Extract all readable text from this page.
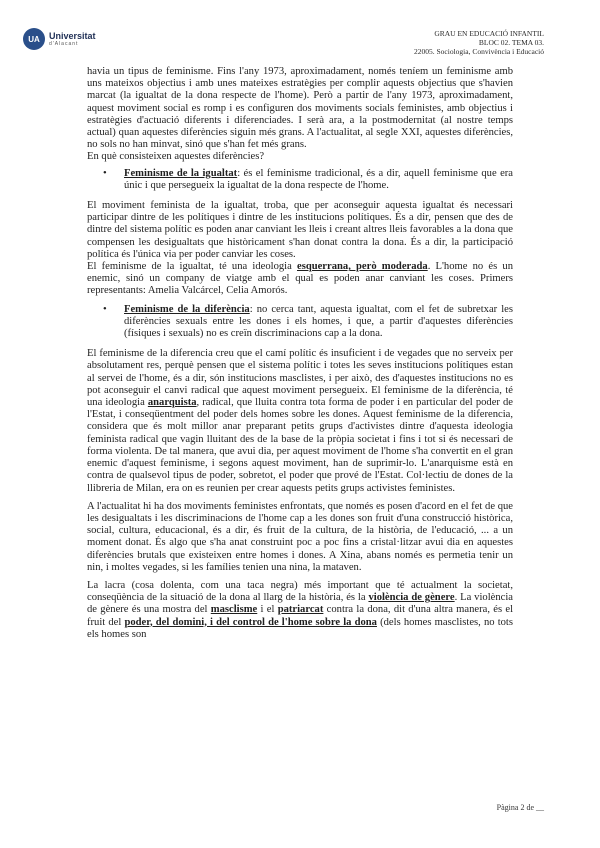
UA	Universitat
d'Alacant
GRAU EN EDUCACIÓ INFANTIL
BLOC 02. TEMA 03.
22005. Sociologia, Convivència i Educació

havia un tipus de feminisme. Fins l'any 1973, aproximadament, només teníem un feminisme amb uns mateixos objectius i amb unes mateixes estratègies per complir aquests objectius que s'havien marcat (la igualtat de la dona respecte de l'home). Però a partir de l'any 1973, aproximadament, aquest moviment social es romp i es configuren dos moviments socials feministes, amb objectius i estratègies d'actuació diferents i diferenciades. I serà ara, a la postmodernitat (al nostre temps actual) quan aquestes diferències siguin més grans. A l'actualitat, al segle XXI, aquestes diferències, no sols no han minvat, sinó que s'han fet més grans.

En què consisteixen aquestes diferències?

• Feminisme de la igualtat: és el feminisme tradicional, és a dir, aquell feminisme que era únic i que persegueix la igualtat de la dona respecte de l'home.

El moviment feminista de la igualtat, troba, que per aconseguir aquesta igualtat és necessari participar dintre de les polítiques i dintre de les institucions polítiques. És a dir, pensen que des de dintre del sistema polític es poden anar canviant les lleis i creant altres lleis favorables a la dona que compensen les desigualtats que històricament s'han donat contra la dona. És a dir, la participació política és l'única via per poder canviar les coses.

El feminisme de la igualtat, té una ideologia esquerrana, però moderada. L'home no és un enemic, sinó un company de viatge amb el qual es poden anar canviant les coses. Primers representants: Amelia Valcárcel, Celia Amorós.

• Feminisme de la diferència: no cerca tant, aquesta igualtat, com el fet de subretxar les diferències sexuals entre les dones i els homes, i que, a partir d'aquestes diferències (físiques i sexuals) no es creïn discriminacions cap a la dona.

El feminisme de la diferencia creu que el camí polític és insuficient i de vegades que no serveix per absolutament res, perquè pensen que el sistema polític i totes les seves institucions polítiques estan al servei de l'home, és a dir, són institucions masclistes, i per això, des d'aquestes institucions no es pot aconseguir el canvi radical que aquest moviment persegueix. El feminisme de la diferència, té una ideologia anarquista, radical, que lluita contra tota forma de poder i en particular del poder de l'Estat, i conseqüentment del poder dels homes sobre les dones. Aquest feminisme de la diferencia, considera que és molt millor anar preparant petits grups d'activistes dintre d'aquesta ideologia feminista radical que vagin lluitant des de la base de la pròpia societat i fins i tot si és necessari de forma violenta. De tal manera, que avui dia, per aquest moviment de l'home s'ha convertit en el gran enemic d'aquest feminisme, i segons aquest moviment, han de suprimir-lo. L'anarquisme està en contra de qualsevol tipus de poder, sobretot, el poder que prové de l'Estat. Col·lectiu de dones de la llibreria de Milan, era on es reunien per crear aquests petits grups activistes feministes.

A l'actualitat hi ha dos moviments feministes enfrontats, que només es posen d'acord en el fet de que les desigualtats i les discriminacions de l'home cap a les dones son fruit d'una construcció històrica, social, cultura, educacional, és a dir, és fruit de la cultura, de la història, de l'educació, ... a un moment donat. És algo que s'ha anat construint poc a poc fins a cristal·litzar avui dia en aquestes diferències brutals que existeixen entre homes i dones. A Xina, abans només es permetia tenir un nin, i moltes vegades, si les famílies tenien una nina, la mataven.

La lacra (cosa dolenta, com una taca negra) més important que té actualment la societat, conseqüència de la situació de la dona al llarg de la història, és la violència de gènere. La violència de gènere és una mostra del masclisme i el patriarcat contra la dona, dit d'una altra manera, és el fruit del poder, del domini, i del control de l'home sobre la dona (dels homes masclistes, no tots els homes son

Pàgina 2 de __
